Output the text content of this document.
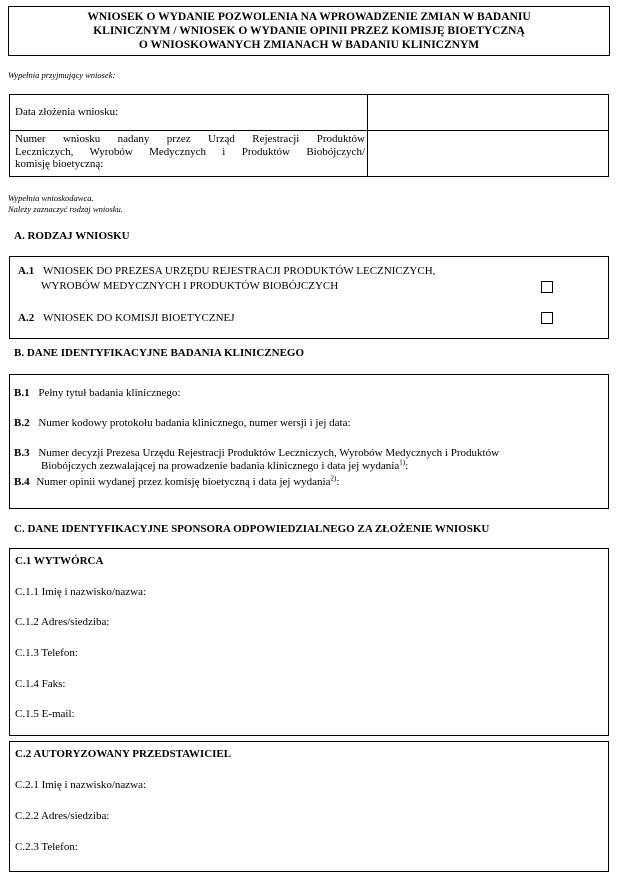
WNIOSEK O WYDANIE POZWOLENIA NA WPROWADZENIE ZMIAN W BADANIU
KLINICZNYM / WNIOSEK O WYDANIE OPINII PRZEZ KOMISJĘ BIOETYCZNĄ
O WNIOSKOWANYCH ZMIANACH W BADANIU KLINICZNYM
Wypełnia przyjmujący wniosek:
Data złożenia wniosku:
Numer wniosku nadany przez Urząd Rejestracji Produktów
Leczniczych, Wyrobów Medycznych i Produktów Biobójczych/
komisję bioetyczną:
Wypełnia wnioskodawca.
Należy zaznaczyć rodzaj wniosku.
A. RODZAJ WNIOSKU
A.1 WNIOSEK DO PREZESA URZĘDU REJESTRACJI PRODUKTÓW LECZNICZYCH,
WYROBÓW MEDYCZNYCH I PRODUKTÓW BIOBÓJCZYCH
A.2 WNIOSEK DO KOMISJI BIOETYCZNEJ
B. DANE IDENTYFIKACYJNE BADANIA KLINICZNEGO
B.1 Pełny tytuł badania klinicznego:
B.2 Numer kodowy protokołu badania klinicznego, numer wersji i jej data:
B.3 Numer decyzji Prezesa Urzędu Rejestracji Produktów Leczniczych, Wyrobów Medycznych i Produktów
Biobójczych zezwalającej na prowadzenie badania klinicznego i data jej wydania$^{1)}$:
B.4 Numer opinii wydanej przez komisję bioetyczną i data jej wydania$^{2)}$:
C. DANE IDENTYFIKACYJNE SPONSORA ODPOWIEDZIALNEGO ZA ZŁOŻENIE WNIOSKU
C.1 WYTWÓRCA
C.1.1 Imię i nazwisko/nazwa:
C.1.2 Adres/siedziba:
C.1.3 Telefon:
C.1.4 Faks:
C.1.5 E-mail:
C.2 AUTORYZOWANY PRZEDSTAWICIEL
C.2.1 Imię i nazwisko/nazwa:
C.2.2 Adres/siedziba:
C.2.3 Telefon:
